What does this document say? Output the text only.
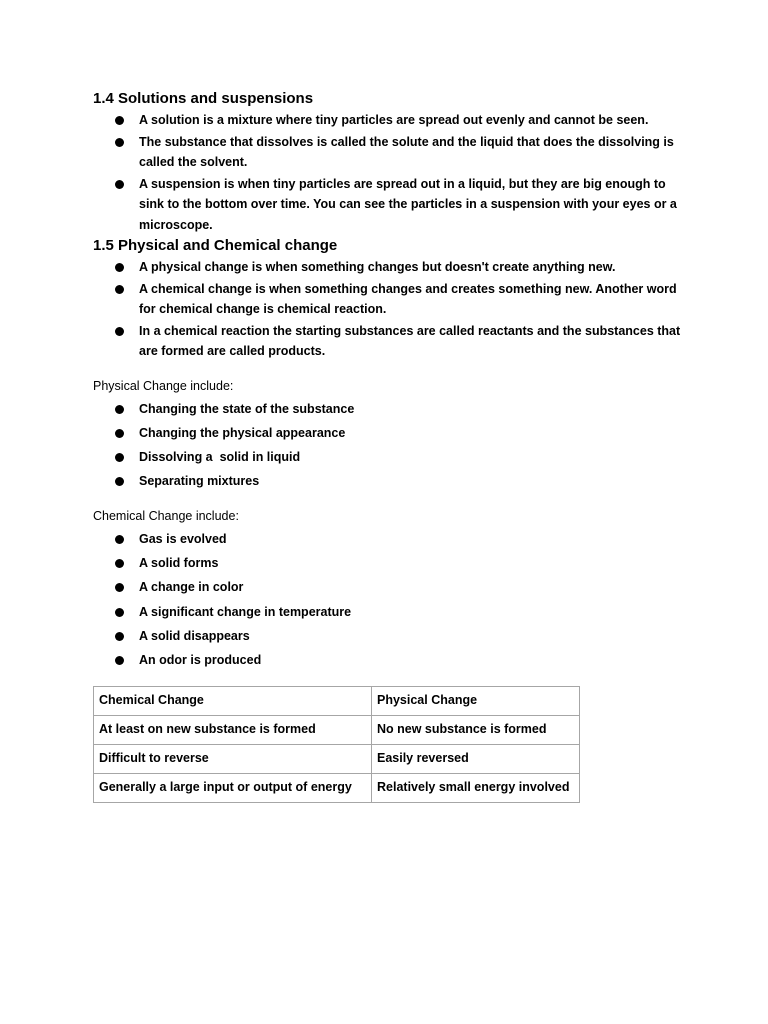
1.4 Solutions and suspensions
A solution is a mixture where tiny particles are spread out evenly and cannot be seen.
The substance that dissolves is called the solute and the liquid that does the dissolving is called the solvent.
A suspension is when tiny particles are spread out in a liquid, but they are big enough to sink to the bottom over time. You can see the particles in a suspension with your eyes or a microscope.
1.5 Physical and Chemical change
A physical change is when something changes but doesn't create anything new.
A chemical change is when something changes and creates something new. Another word for chemical change is chemical reaction.
In a chemical reaction the starting substances are called reactants and the substances that are formed are called products.
Physical Change include:
Changing the state of the substance
Changing the physical appearance
Dissolving a  solid in liquid
Separating mixtures
Chemical Change include:
Gas is evolved
A solid forms
A change in color
A significant change in temperature
A solid disappears
An odor is produced
Chemical Change	Physical Change
At least on new substance is formed	No new substance is formed
Difficult to reverse	Easily reversed
Generally a large input or output of energy	Relatively small energy involved
